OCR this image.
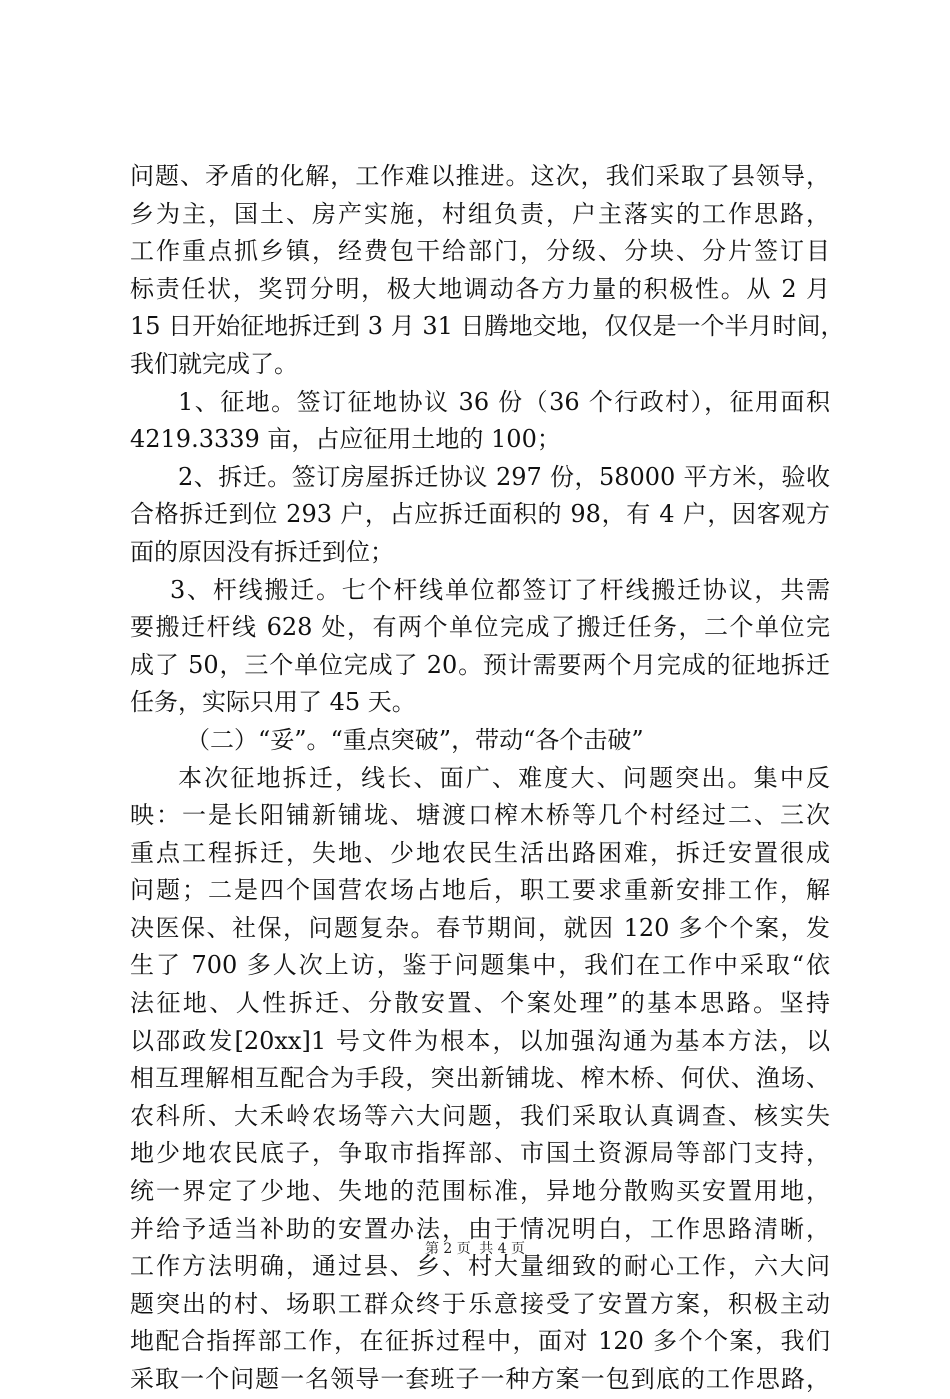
问题、矛盾的化解，工作难以推进。这次，我们采取了县领导，
乡为主，国土、房产实施，村组负责，户主落实的工作思路，
工作重点抓乡镇，经费包干给部门，分级、分块、分片签订目
标责任状，奖罚分明，极大地调动各方力量的积极性。从 2 月
15 日开始征地拆迁到 3 月 31 日腾地交地，仅仅是一个半月时间，
我们就完成了。
1、征地。签订征地协议 36 份（36 个行政村），征用面积
4219.3339 亩，占应征用土地的 100；
2、拆迁。签订房屋拆迁协议 297 份，58000 平方米，验收
合格拆迁到位 293 户，占应拆迁面积的 98，有 4 户，因客观方
面的原因没有拆迁到位；
3、杆线搬迁。七个杆线单位都签订了杆线搬迁协议，共需
要搬迁杆线 628 处，有两个单位完成了搬迁任务，二个单位完
成了 50，三个单位完成了 20。预计需要两个月完成的征地拆迁
任务，实际只用了 45 天。
（二）“妥”。“重点突破”，带动“各个击破”
本次征地拆迁，线长、面广、难度大、问题突出。集中反
映：一是长阳铺新铺垅、塘渡口榨木桥等几个村经过二、三次
重点工程拆迁，失地、少地农民生活出路困难，拆迁安置很成
问题；二是四个国营农场占地后，职工要求重新安排工作，解
决医保、社保，问题复杂。春节期间，就因 120 多个个案，发
生了 700 多人次上访，鉴于问题集中，我们在工作中采取“依
法征地、人性拆迁、分散安置、个案处理”的基本思路。坚持
以邵政发[20xx]1 号文件为根本，以加强沟通为基本方法，以
相互理解相互配合为手段，突出新铺垅、榨木桥、何伏、渔场、
农科所、大禾岭农场等六大问题，我们采取认真调查、核实失
地少地农民底子，争取市指挥部、市国土资源局等部门支持，
统一界定了少地、失地的范围标准，异地分散购买安置用地，
并给予适当补助的安置办法，由于情况明白，工作思路清晰，
工作方法明确，通过县、乡、村大量细致的耐心工作，六大问
题突出的村、场职工群众终于乐意接受了安置方案，积极主动
地配合指挥部工作，在征拆过程中，面对 120 多个个案，我们
采取一个问题一名领导一套班子一种方案一包到底的工作思路，
第 2 页 共 4 页
